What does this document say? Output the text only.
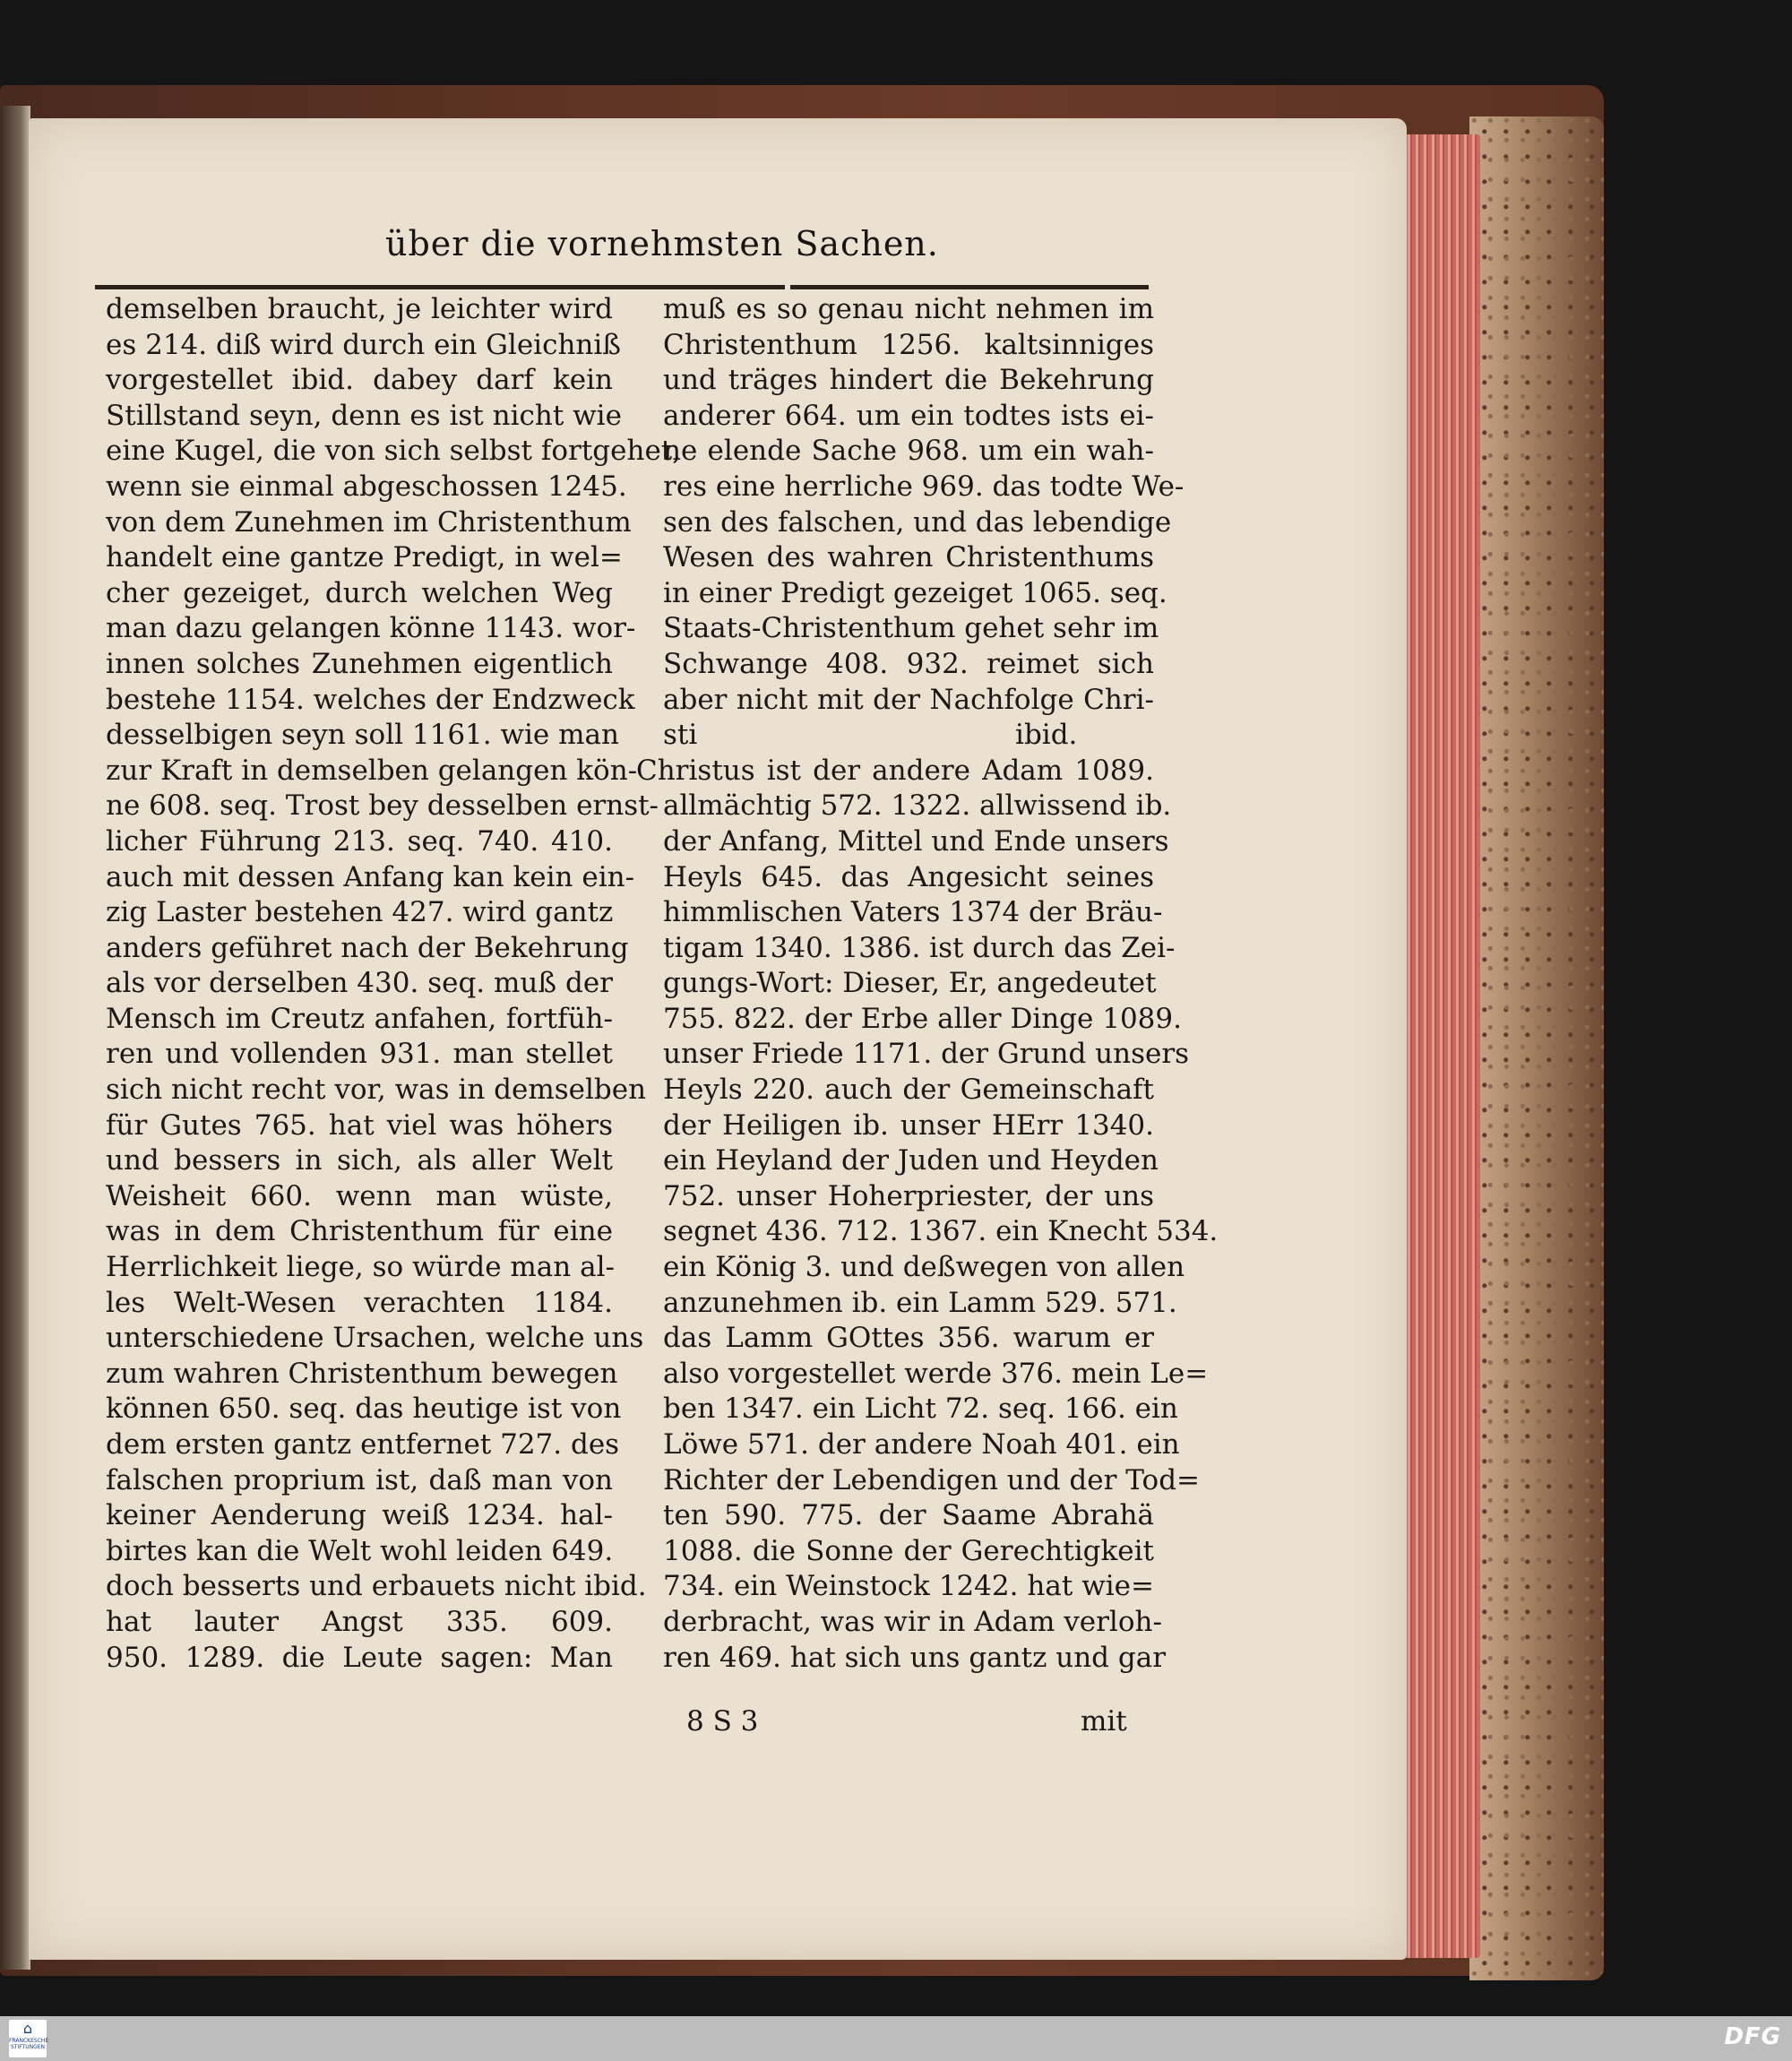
über die vornehmsten Sachen.
demselben braucht, je leichter wird
es 214. diß wird durch ein Gleichniß
vorgestellet ibid. dabey darf kein
Stillstand seyn, denn es ist nicht wie
eine Kugel, die von sich selbst fortgehet,
wenn sie einmal abgeschossen 1245.
von dem Zunehmen im Christenthum
handelt eine gantze Predigt, in wel=
cher gezeiget, durch welchen Weg
man dazu gelangen könne 1143. wor-
innen solches Zunehmen eigentlich
bestehe 1154. welches der Endzweck
desselbigen seyn soll 1161. wie man
zur Kraft in demselben gelangen kön-
ne 608. seq. Trost bey desselben ernst-
licher Führung 213. seq. 740. 410.
auch mit dessen Anfang kan kein ein-
zig Laster bestehen 427. wird gantz
anders geführet nach der Bekehrung
als vor derselben 430. seq. muß der
Mensch im Creutz anfahen, fortfüh-
ren und vollenden 931. man stellet
sich nicht recht vor, was in demselben
für Gutes 765. hat viel was höhers
und bessers in sich, als aller Welt
Weisheit 660. wenn man wüste,
was in dem Christenthum für eine
Herrlichkeit liege, so würde man al-
les Welt-Wesen verachten 1184.
unterschiedene Ursachen, welche uns
zum wahren Christenthum bewegen
können 650. seq. das heutige ist von
dem ersten gantz entfernet 727. des
falschen proprium ist, daß man von
keiner Aenderung weiß 1234. hal-
birtes kan die Welt wohl leiden 649.
doch besserts und erbauets nicht ibid.
hat lauter Angst 335. 609.
950. 1289. die Leute sagen: Man
muß es so genau nicht nehmen im
Christenthum 1256. kaltsinniges
und träges hindert die Bekehrung
anderer 664. um ein todtes ists ei-
ne elende Sache 968. um ein wah-
res eine herrliche 969. das todte We-
sen des falschen, und das lebendige
Wesen des wahren Christenthums
in einer Predigt gezeiget 1065. seq.
Staats-Christenthum gehet sehr im
Schwange 408. 932. reimet sich
aber nicht mit der Nachfolge Chri-
sti                                    ibid.
Christus ist der andere Adam 1089.
allmächtig 572. 1322. allwissend ib.
der Anfang, Mittel und Ende unsers
Heyls 645. das Angesicht seines
himmlischen Vaters 1374 der Bräu-
tigam 1340. 1386. ist durch das Zei-
gungs-Wort: Dieser, Er, angedeutet
755. 822. der Erbe aller Dinge 1089.
unser Friede 1171. der Grund unsers
Heyls 220. auch der Gemeinschaft
der Heiligen ib. unser HErr 1340.
ein Heyland der Juden und Heyden
752. unser Hoherpriester, der uns
segnet 436. 712. 1367. ein Knecht 534.
ein König 3. und deßwegen von allen
anzunehmen ib. ein Lamm 529. 571.
das Lamm GOttes 356. warum er
also vorgestellet werde 376. mein Le=
ben 1347. ein Licht 72. seq. 166. ein
Löwe 571. der andere Noah 401. ein
Richter der Lebendigen und der Tod=
ten 590. 775. der Saame Abrahä
1088. die Sonne der Gerechtigkeit
734. ein Weinstock 1242. hat wie=
derbracht, was wir in Adam verloh-
ren 469. hat sich uns gantz und gar
8 S 3	mit
⌂
FRANCKESCHE STIFTUNGEN	DFG
